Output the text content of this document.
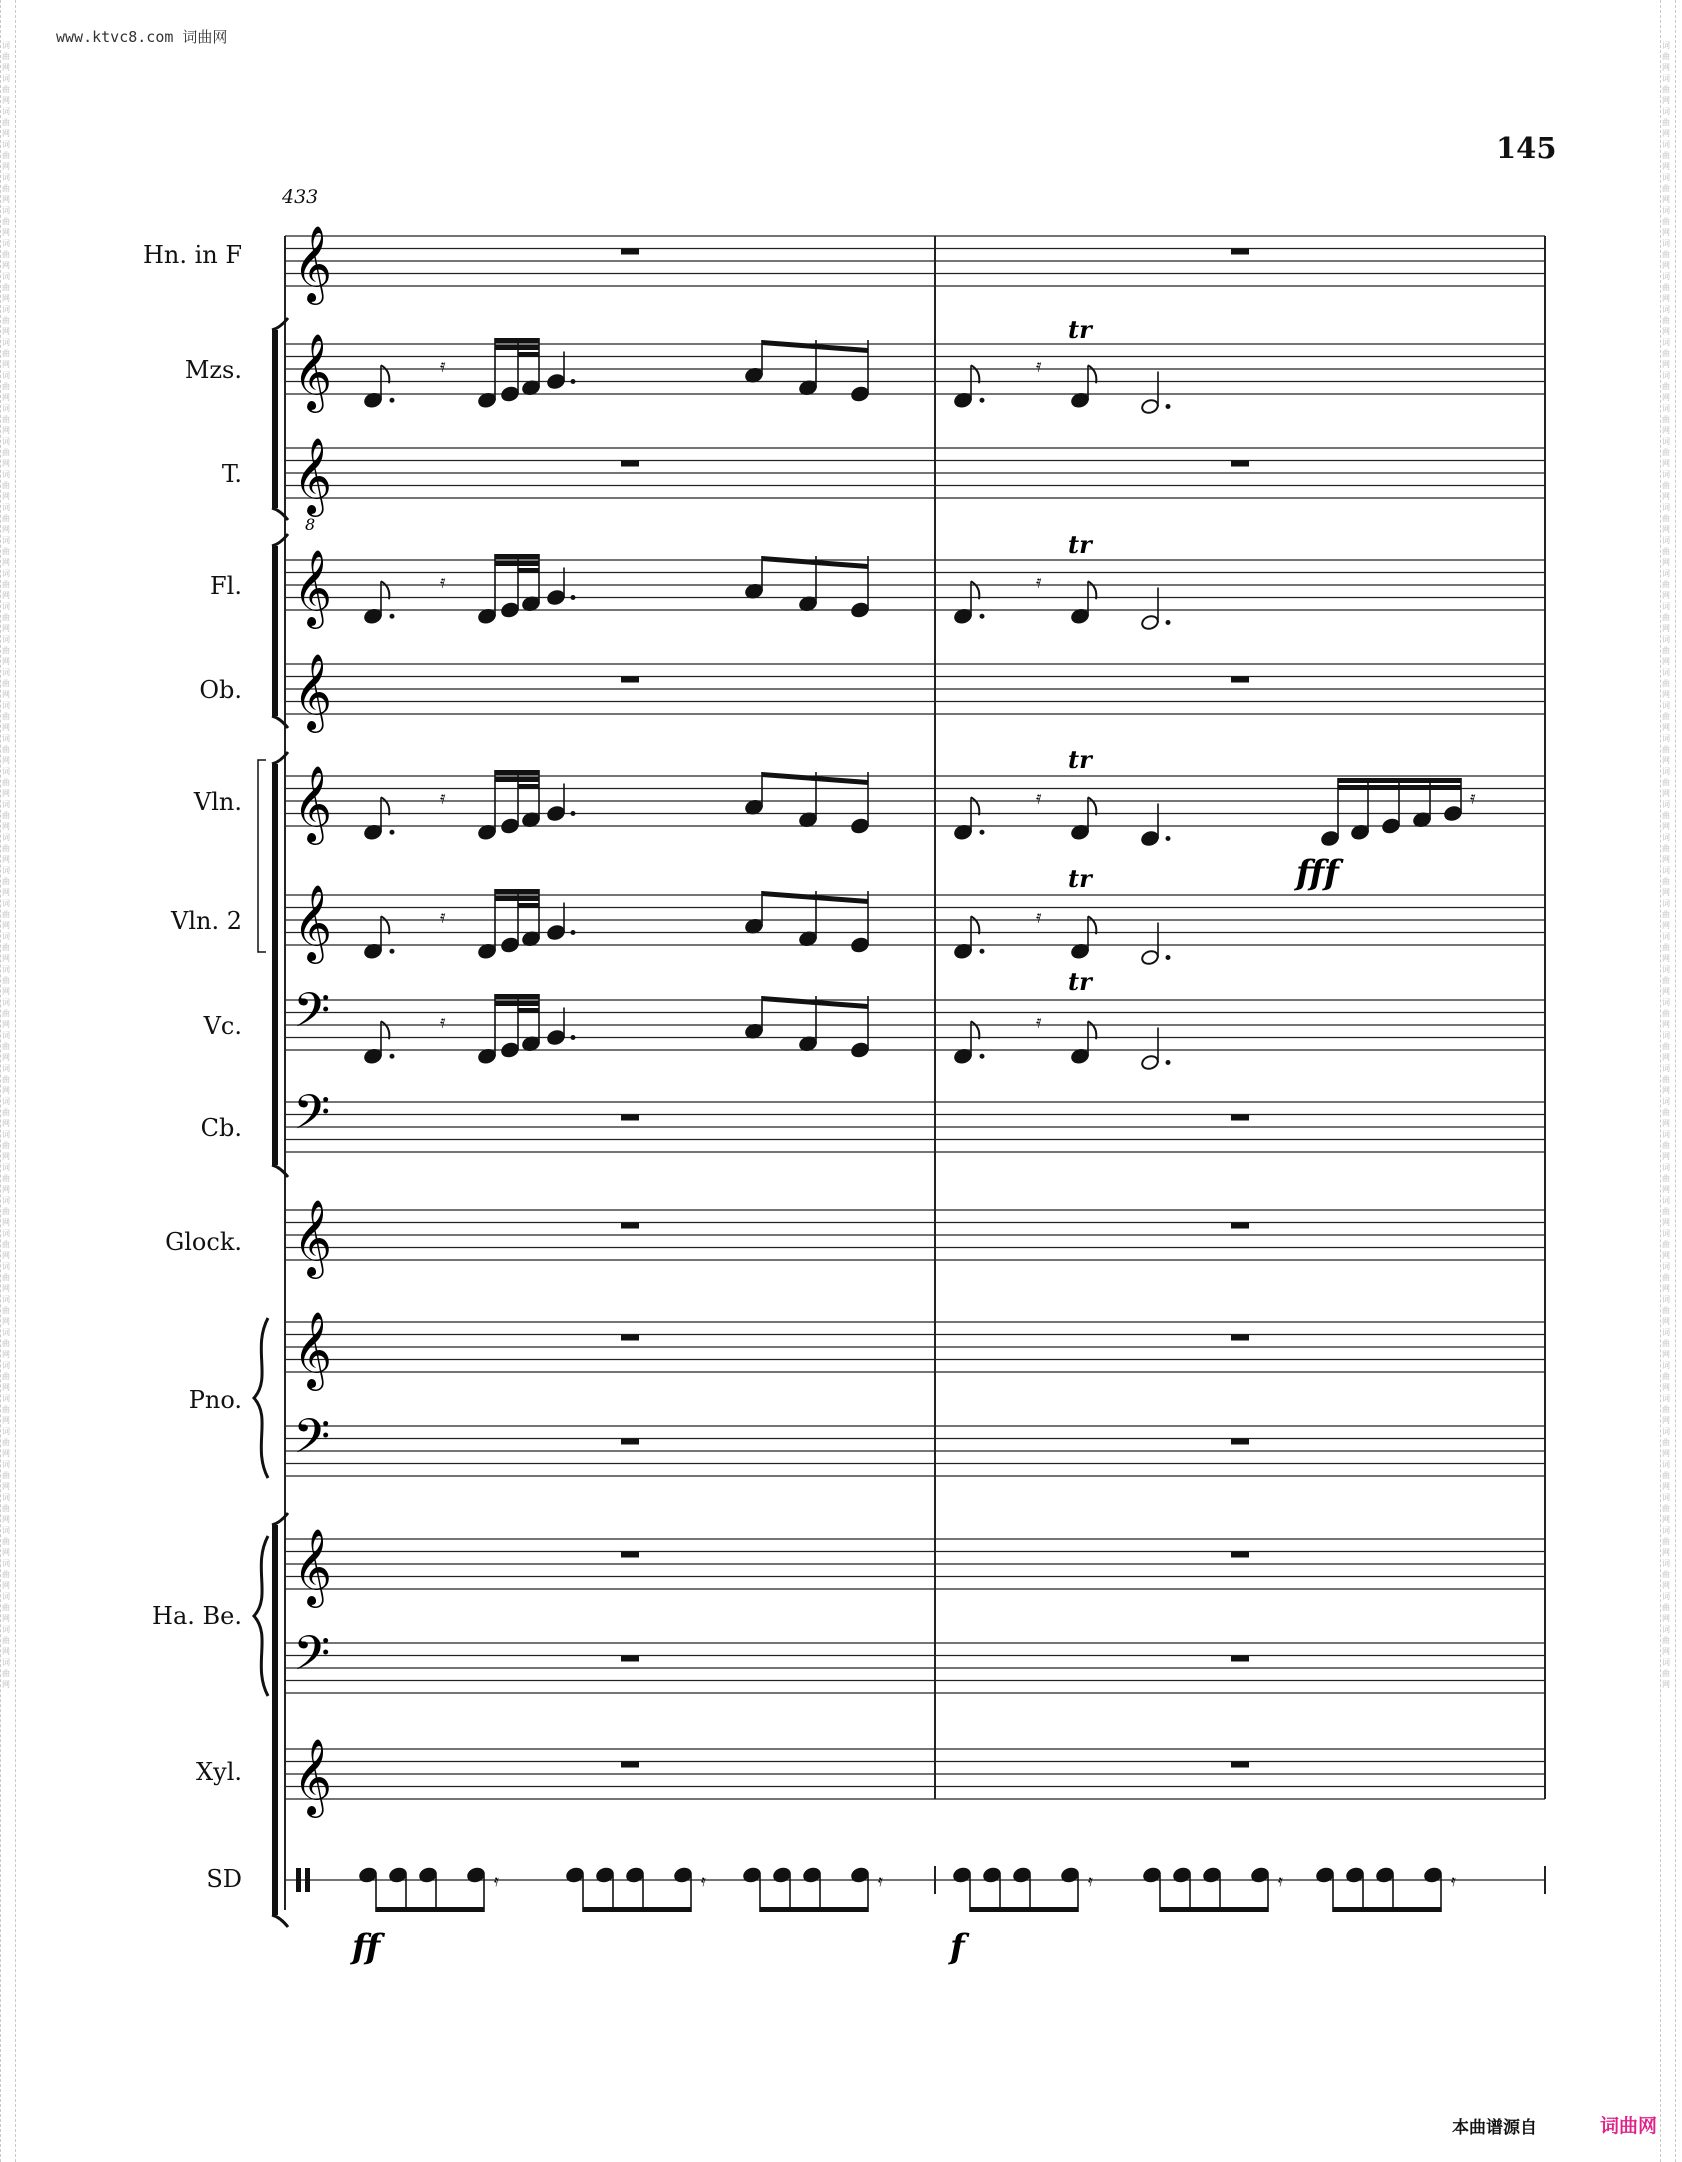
词曲网词曲网词曲网词曲网词曲网词曲网词曲网词曲网词曲网词曲网词曲网词曲网词曲网词曲网词曲网词曲网词曲网词曲网词曲网词曲网词曲网词曲网词曲网词曲网词曲网词曲网词曲网词曲网词曲网词曲网词曲网词曲网词曲网词曲网词曲网词曲网词曲网词曲网词曲网词曲网词曲网词曲网词曲网词曲网词曲网词曲网词曲网词曲网词曲网词曲网
词曲网词曲网词曲网词曲网词曲网词曲网词曲网词曲网词曲网词曲网词曲网词曲网词曲网词曲网词曲网词曲网词曲网词曲网词曲网词曲网词曲网词曲网词曲网词曲网词曲网词曲网词曲网词曲网词曲网词曲网词曲网词曲网词曲网词曲网词曲网词曲网词曲网词曲网词曲网词曲网词曲网词曲网词曲网词曲网词曲网词曲网词曲网词曲网词曲网词曲网
www.ktvc8.com 词曲网
145
433
Hn. in F
Mzs.
T.
Fl.
Ob.
Vln.
Vln. 2
Vc.
Cb.
Glock.
Pno.
Ha. Be.
Xyl.
SD
𝄞
𝄞
𝄞
𝄞
𝄞
𝄞
𝄞
𝄢
𝄢
𝄞
𝄞
𝄢
𝄞
𝄢
𝄞
𝄿	𝄿
𝄿	𝄿
𝄿	𝄿	𝄿
𝄿	𝄿
𝄿	𝄿
𝄿	𝄿	𝄿	𝄿	𝄿	𝄿
tr
tr
tr
tr
tr
fff
ff	f
8
本曲谱源自	词曲网
